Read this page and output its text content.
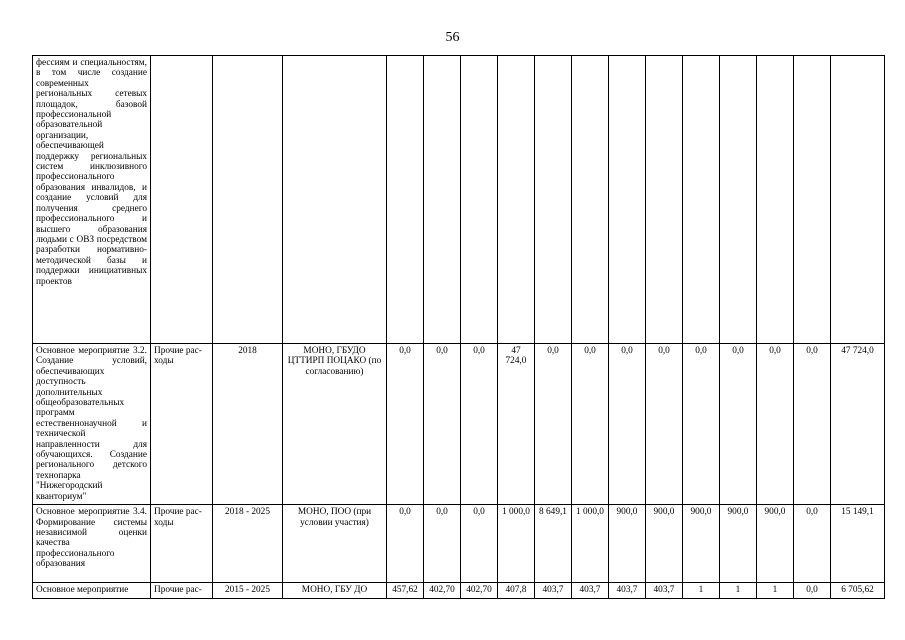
56
фессиям и специальностям, в том числе создание современных региональных сетевых площадок, базовой профессиональной образовательной организации, обеспечивающей поддержку региональных систем инклюзивного профессионального образования инвалидов, и создание условий для получения среднего профессионального и высшего образования людьми с ОВЗ посредством разработки нормативно-методической базы и поддержки инициативных проектов																
Основное мероприятие 3.2. Создание условий, обеспечивающих доступность дополнительных общеобразовательных программ естественнонаучной и технической направленности для обучающихся. Создание регионального детского технопарка "Нижегородский кванториум"	Прочие рас-ходы	2018	МОНО, ГБУДО ЦТТИРП ПОЦАКО (по согласованию)	0,0	0,0	0,0	47 724,0	0,0	0,0	0,0	0,0	0,0	0,0	0,0	0,0	47 724,0
Основное мероприятие 3.4. Формирование системы независимой оценки качества профессионального образования	Прочие рас-ходы	2018 - 2025	МОНО, ПОО (при условии участия)	0,0	0,0	0,0	1 000,0	8 649,1	1 000,0	900,0	900,0	900,0	900,0	900,0	0,0	15 149,1
Основное мероприятие	Прочие рас-	2015 - 2025	МОНО, ГБУ ДО	457,62	402,70	402,70	407,8	403,7	403,7	403,7	403,7	1	1	1	0,0	6 705,62
